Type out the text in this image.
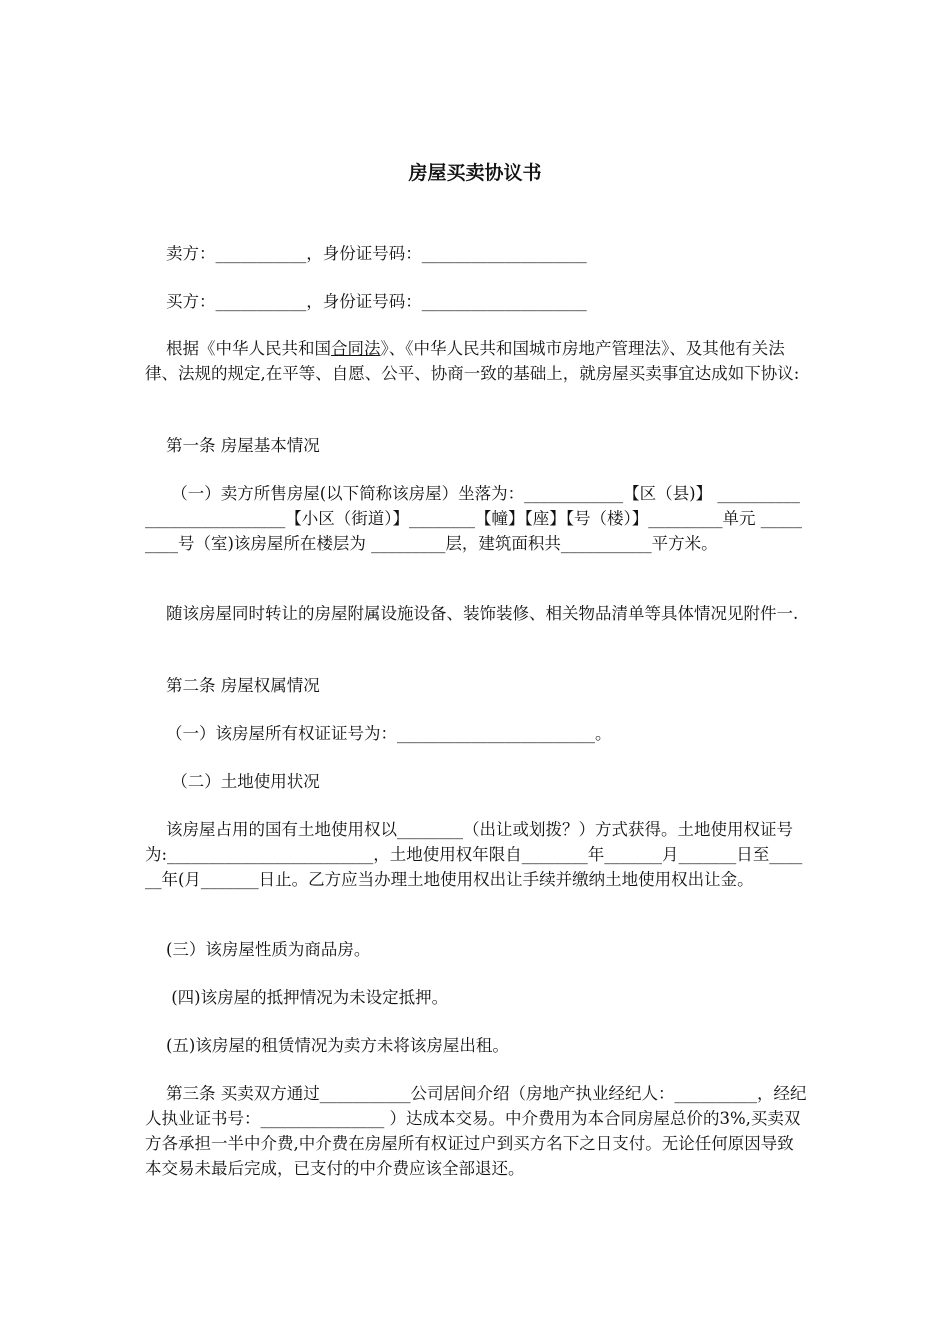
房屋买卖协议书
卖方：___________，身份证号码：____________________
买方：___________，身份证号码：____________________
根据《中华人民共和国合同法》、《中华人民共和国城市房地产管理法》、及其他有关法律、法规的规定,在平等、自愿、公平、协商一致的基础上，就房屋买卖事宜达成如下协议:
第一条 房屋基本情况
（一）卖方所售房屋(以下简称该房屋）坐落为：____________【区（县)】 ___________________________【小区（街道）】________【幢】【座】【号（楼）】_________单元 _________号（室)该房屋所在楼层为 _________层，建筑面积共___________平方米。
随该房屋同时转让的房屋附属设施设备、装饰装修、相关物品清单等具体情况见附件一.
第二条 房屋权属情况
（一）该房屋所有权证证号为：________________________。
（二）土地使用状况
该房屋占用的国有土地使用权以________（出让或划拨？）方式获得。土地使用权证号为:_________________________，土地使用权年限自________年_______月_______日至______年(月_______日止。乙方应当办理土地使用权出让手续并缴纳土地使用权出让金。
(三）该房屋性质为商品房。
(四)该房屋的抵押情况为未设定抵押。
(五)该房屋的租赁情况为卖方未将该房屋出租。
第三条 买卖双方通过___________公司居间介绍（房地产执业经纪人：__________，经纪人执业证书号：_______________ ）达成本交易。中介费用为本合同房屋总价的3%,买卖双方各承担一半中介费,中介费在房屋所有权证过户到买方名下之日支付。无论任何原因导致本交易未最后完成，已支付的中介费应该全部退还。
